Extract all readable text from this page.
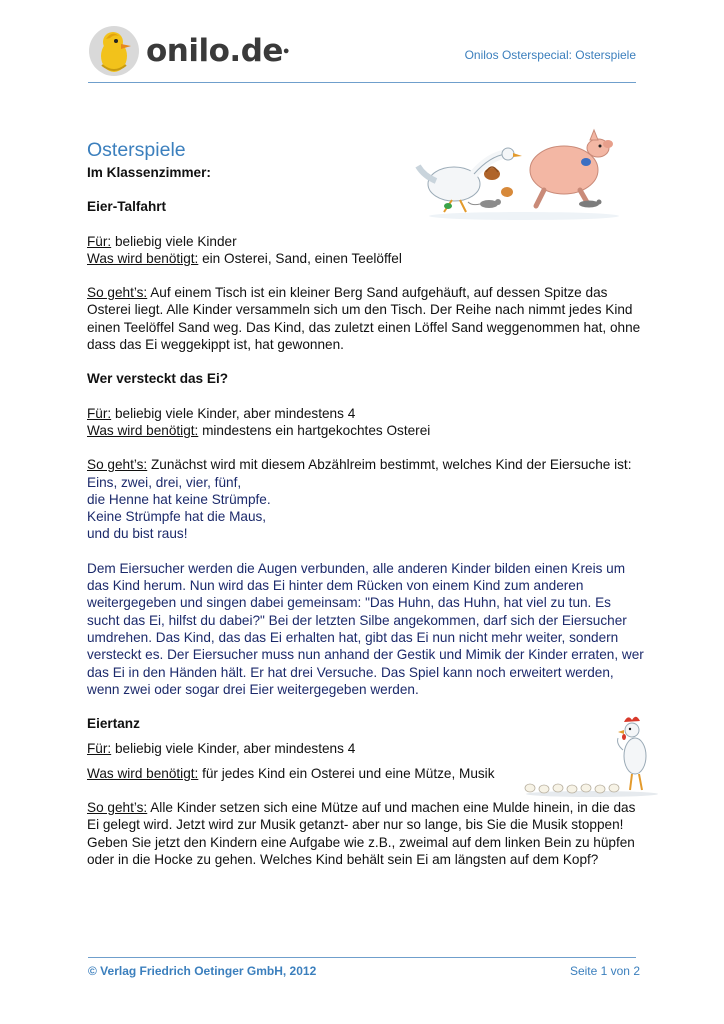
onilo.de ●	Onilos Osterspecial: Osterspiele
Osterspiele

Im Klassenzimmer:

Eier-Talfahrt

Für: beliebig viele Kinder

Was wird benötigt: ein Osterei, Sand, einen Teelöffel

So geht’s: Auf einem Tisch ist ein kleiner Berg Sand aufgehäuft, auf dessen Spitze das Osterei liegt. Alle Kinder versammeln sich um den Tisch. Der Reihe nach nimmt jedes Kind einen Teelöffel Sand weg. Das Kind, das zuletzt einen Löffel Sand weggenommen hat, ohne dass das Ei weggekippt ist, hat gewonnen.

Wer versteckt das Ei?

Für: beliebig viele Kinder, aber mindestens 4

Was wird benötigt: mindestens ein hartgekochtes Osterei

So geht’s: Zunächst wird mit diesem Abzählreim bestimmt, welches Kind der Eiersuche ist:

Eins, zwei, drei, vier, fünf,

die Henne hat keine Strümpfe.

Keine Strümpfe hat die Maus,

und du bist raus!

Dem Eiersucher werden die Augen verbunden, alle anderen Kinder bilden einen Kreis um das Kind herum. Nun wird das Ei hinter dem Rücken von einem Kind zum anderen weitergegeben und singen dabei gemeinsam: "Das Huhn, das Huhn, hat viel zu tun. Es sucht das Ei, hilfst du dabei?" Bei der letzten Silbe angekommen, darf sich der Eiersucher umdrehen. Das Kind, das das Ei erhalten hat, gibt das Ei nun nicht mehr weiter, sondern versteckt es. Der Eiersucher muss nun anhand der Gestik und Mimik der Kinder erraten, wer das Ei in den Händen hält. Er hat drei Versuche. Das Spiel kann noch erweitert werden, wenn zwei oder sogar drei Eier weitergegeben werden.

Eiertanz

Für: beliebig viele Kinder, aber mindestens 4

Was wird benötigt: für jedes Kind ein Osterei und eine Mütze, Musik

So geht’s: Alle Kinder setzen sich eine Mütze auf und machen eine Mulde hinein, in die das Ei gelegt wird. Jetzt wird zur Musik getanzt- aber nur so lange, bis Sie die Musik stoppen! Geben Sie jetzt den Kindern eine Aufgabe wie z.B., zweimal auf dem linken Bein zu hüpfen oder in die Hocke zu gehen. Welches Kind behält sein Ei am längsten auf dem Kopf?

© Verlag Friedrich Oetinger GmbH, 2012	Seite 1 von 2
